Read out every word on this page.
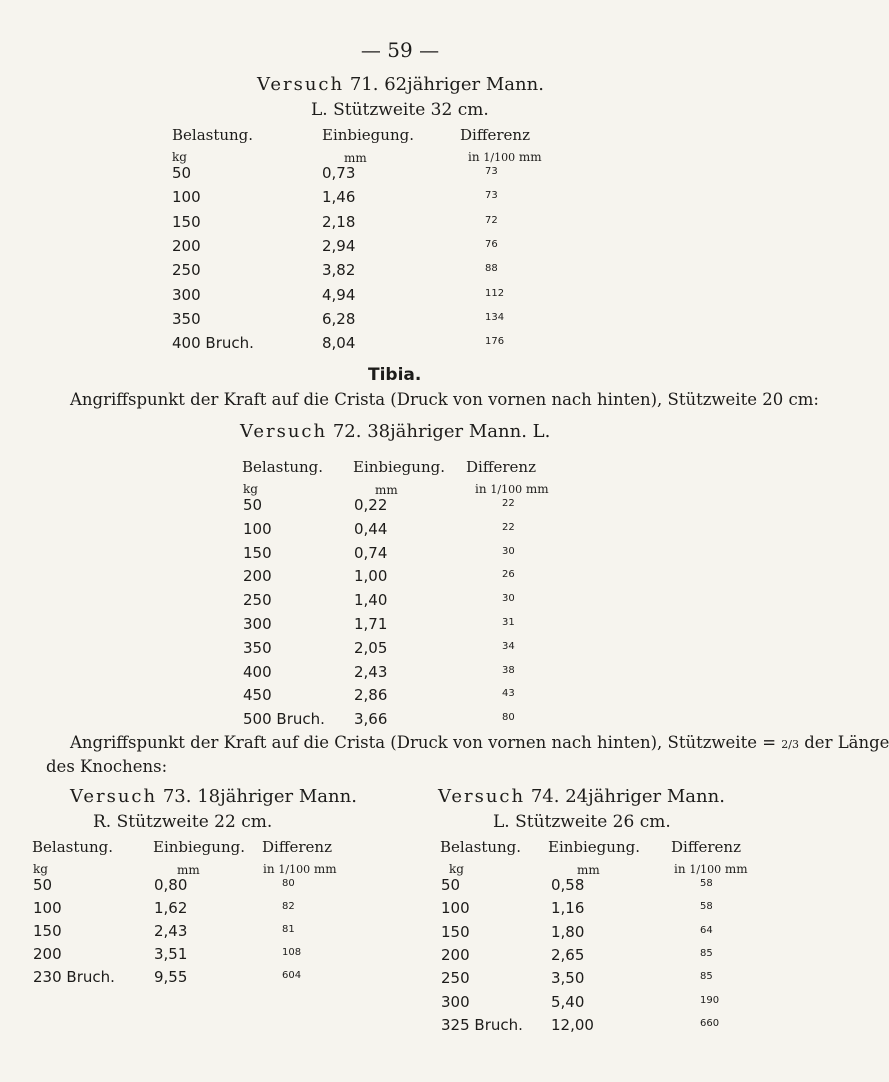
— 59 —
Versuch 71. 62jähriger Mann.
L. Stützweite 32 cm.
Belastung.	Einbiegung.	Differenz
kg	mm	in 1/100 mm
50	0,73	73
100	1,46	73
150	2,18	72
200	2,94	76
250	3,82	88
300	4,94	112
350	6,28	134
400 Bruch.	8,04	176
Tibia.
Angriffspunkt der Kraft auf die Crista (Druck von vornen nach hinten), Stützweite 20 cm:
Versuch 72. 38jähriger Mann. L.
Belastung. Einbiegung. Differenz
kg	mm	in 1/100 mm
50	0,22	22
100	0,44	22
150	0,74	30
200	1,00	26
250	1,40	30
300	1,71	31
350	2,05	34
400	2,43	38
450	2,86	43
500 Bruch. 3,66	80
Angriffspunkt der Kraft auf die Crista (Druck von vornen nach hinten), Stützweite = 2/3 der Länge
des Knochens:
Versuch 73. 18jähriger Mann.
R. Stützweite 22 cm.
Belastung.	Einbiegung. Differenz
kg	mm	in 1/100 mm
50	0,80	80
100	1,62	82
150	2,43	81
200	3,51	108
230 Bruch.	9,55	604
Versuch 74. 24jähriger Mann.
L. Stützweite 26 cm.
Belastung. Einbiegung. Differenz
kg	mm	in 1/100 mm
50	0,58	58
100	1,16	58
150	1,80	64
200	2,65	85
250	3,50	85
300	5,40	190
325 Bruch. 12,00	660
